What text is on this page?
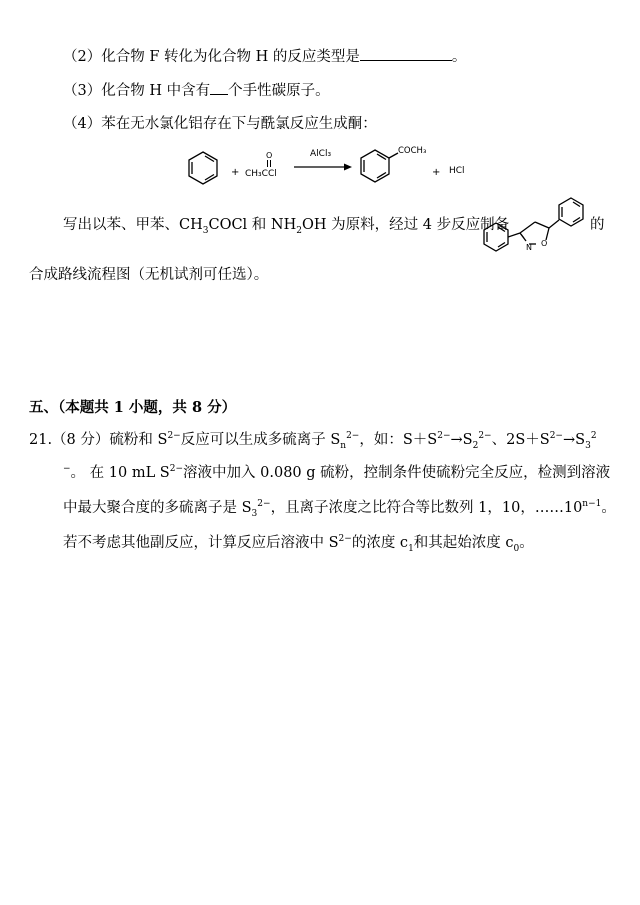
（2）化合物 F 转化为化合物 H 的反应类型是	。
（3）化合物 H 中含有 个手性碳原子。
（4）苯在无水氯化铝存在下与酰氯反应生成酮：
+
O
CH₃CCl
AlCl₃	COCH₃
+ HCl
N O
写出以苯、甲苯、$CH_3COCl$ 和 $NH_2OH$ 为原料，经过 4 步反应制备	的
合成路线流程图（无机试剂可任选）。
五、（本题共 1 小题，共 8 分）
21.（8 分）硫粉和 $S^{2-}$反应可以生成多硫离子 $S_n^{2-}$，如：$S+S^{2-}\to S_2^{2-}$、$2S+S^{2-}\to S_3^2$
−。 在 10 mL $S^{2-}$溶液中加入 0.080 g 硫粉，控制条件使硫粉完全反应，检测到溶液
中最大聚合度的多硫离子是 $S_3^{2-}$，且离子浓度之比符合等比数列 1，10，$\dots\dots 10^{n-1}$。
若不考虑其他副反应，计算反应后溶液中 $S^{2-}$的浓度 $c_1$和其起始浓度 $c_0$。
